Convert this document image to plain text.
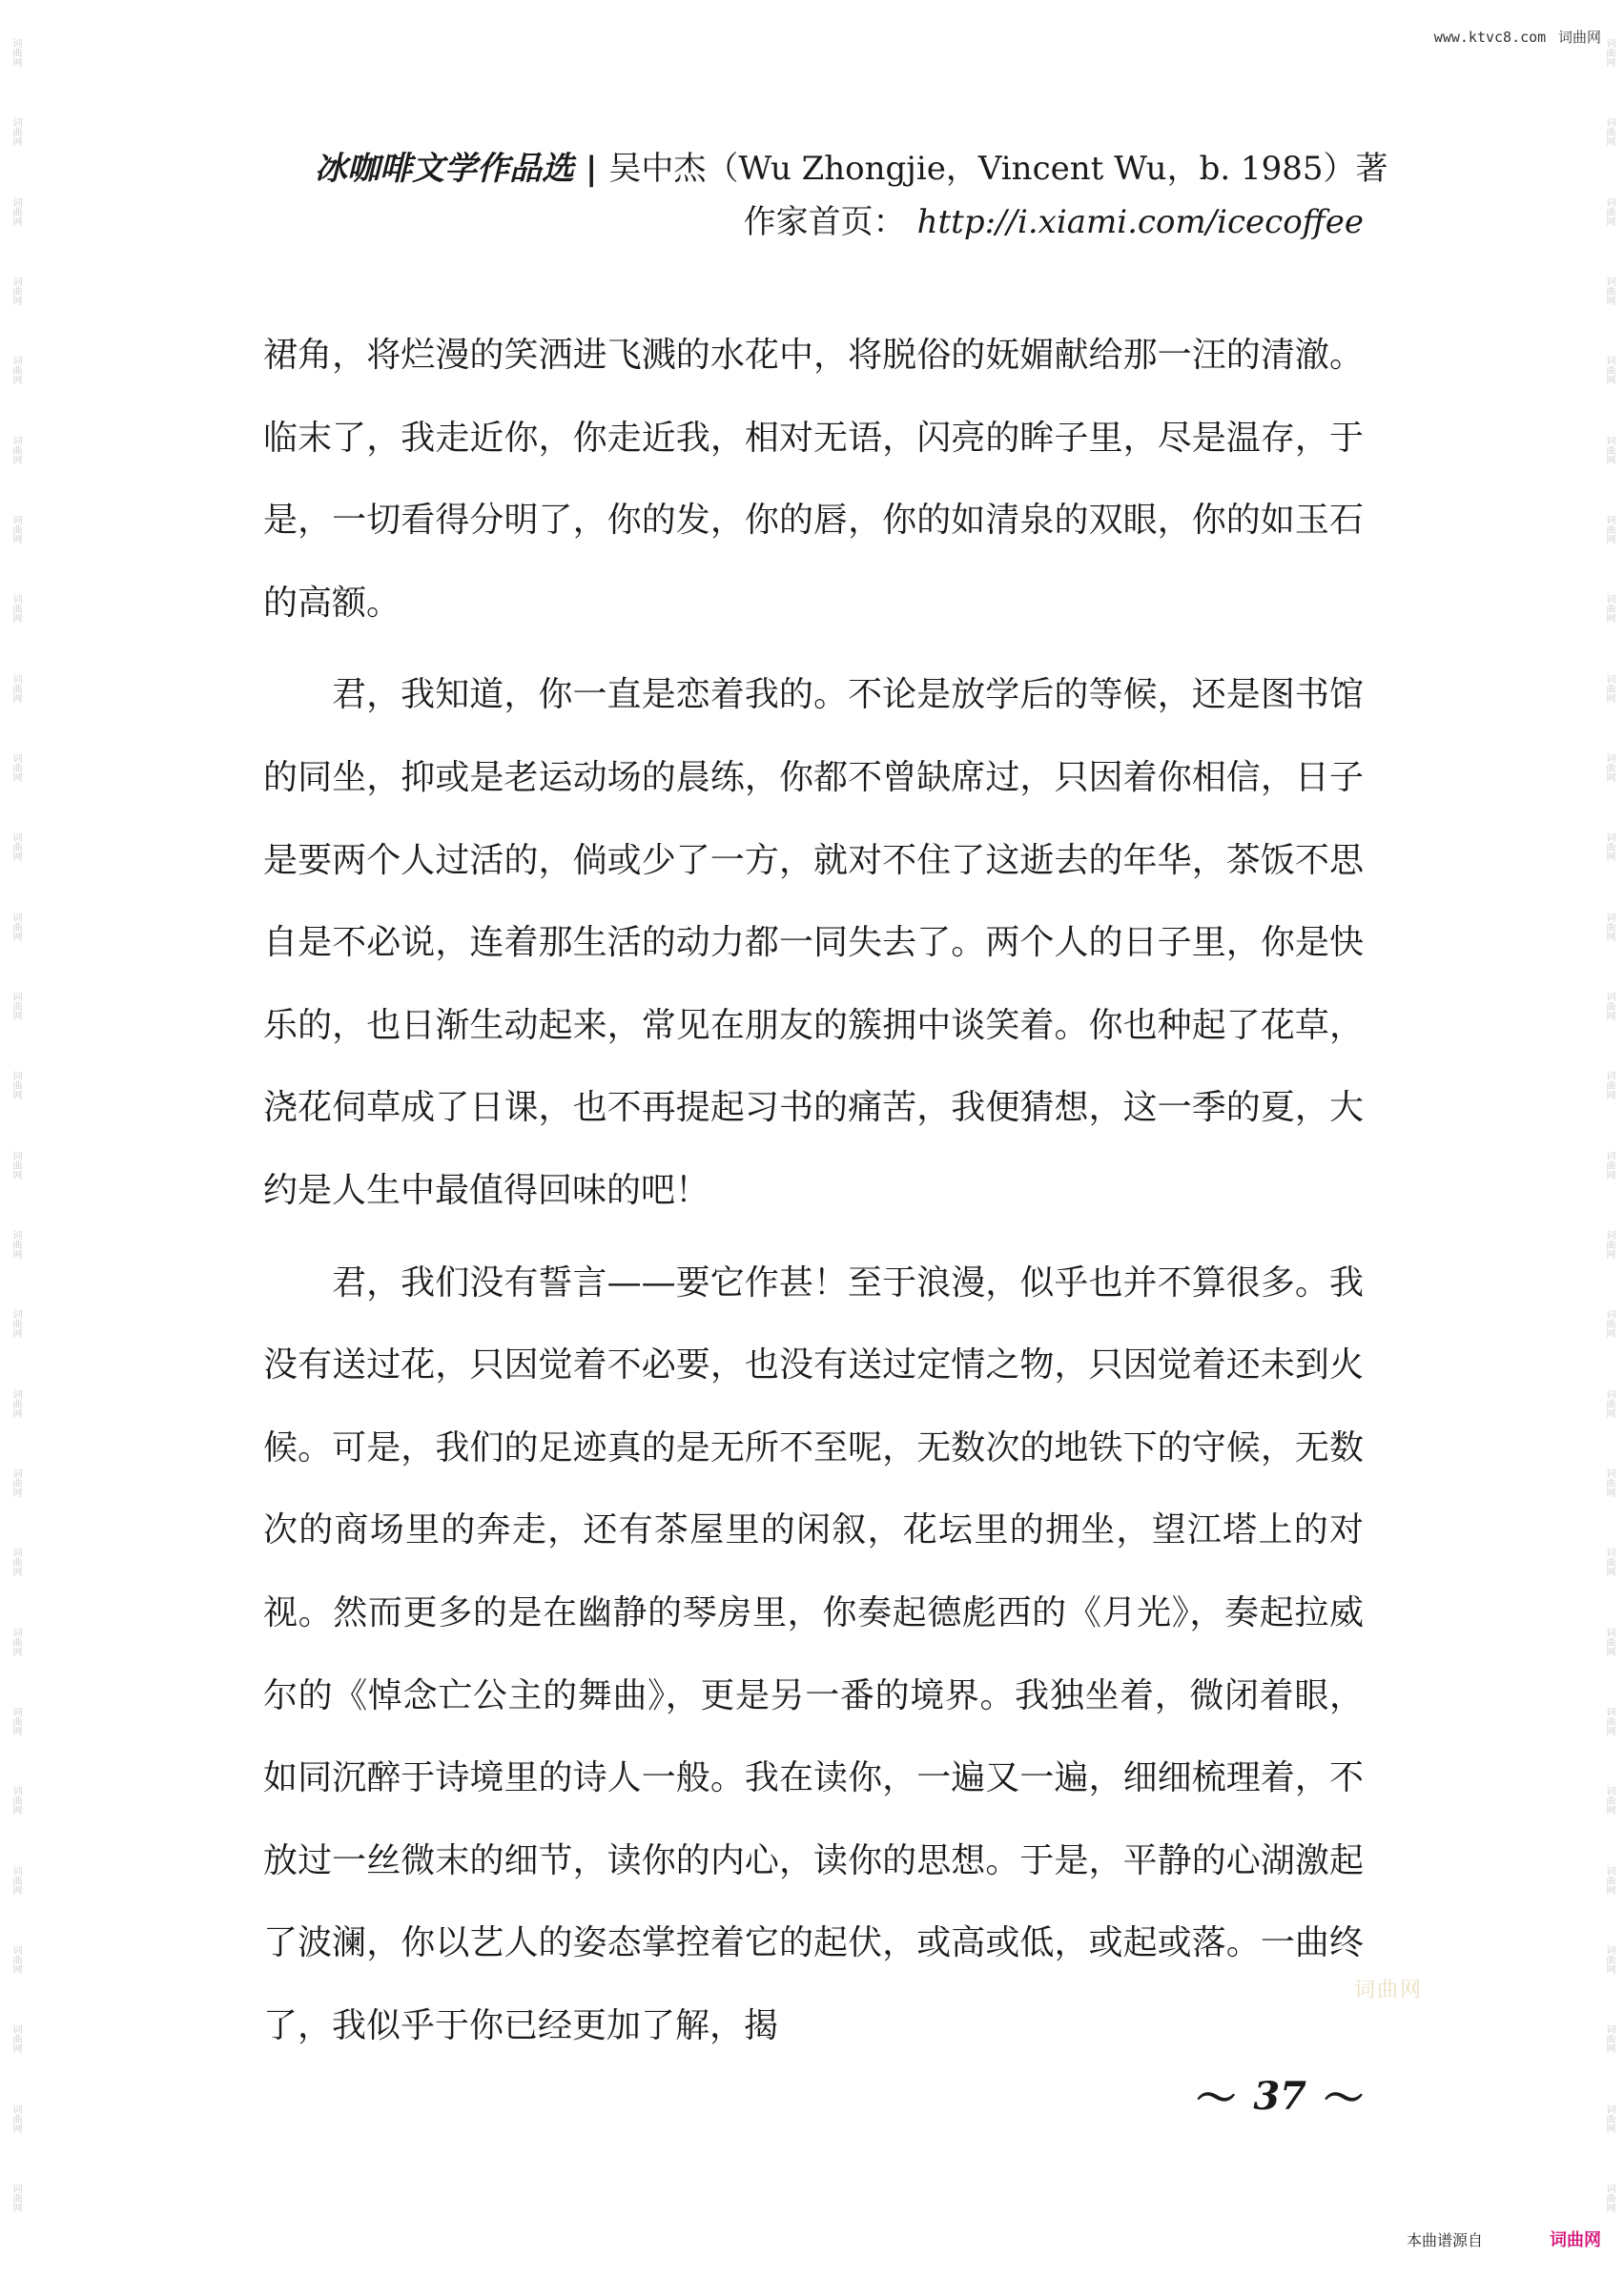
词曲网
词曲网
词曲网
词曲网
词曲网
词曲网
词曲网
词曲网
词曲网
词曲网
词曲网
词曲网
词曲网
词曲网
词曲网
词曲网
词曲网
词曲网
词曲网
词曲网
词曲网
词曲网
词曲网
词曲网
词曲网
词曲网
词曲网
词曲网
词曲网
词曲网
词曲网
词曲网
词曲网
词曲网
词曲网
词曲网
词曲网
词曲网
词曲网
词曲网
词曲网
词曲网
词曲网
词曲网
词曲网
词曲网
词曲网
词曲网
词曲网
词曲网
词曲网
词曲网
词曲网
词曲网
词曲网
词曲网
www.ktvc8.com 词曲网
冰咖啡文学作品选 | 吴中杰（Wu Zhongjie，Vincent Wu，b. 1985）著
作家首页： http://i.xiami.com/icecoffee

裙角，将烂漫的笑洒进飞溅的水花中，将脱俗的妩媚献给那一汪的清澈。临末了，我走近你，你走近我，相对无语，闪亮的眸子里，尽是温存，于是，一切看得分明了，你的发，你的唇，你的如清泉的双眼，你的如玉石的高额。

君，我知道，你一直是恋着我的。不论是放学后的等候，还是图书馆的同坐，抑或是老运动场的晨练，你都不曾缺席过，只因着你相信，日子是要两个人过活的，倘或少了一方，就对不住了这逝去的年华，茶饭不思自是不必说，连着那生活的动力都一同失去了。两个人的日子里，你是快乐的，也日渐生动起来，常见在朋友的簇拥中谈笑着。你也种起了花草，浇花伺草成了日课，也不再提起习书的痛苦，我便猜想，这一季的夏，大约是人生中最值得回味的吧！

君，我们没有誓言——要它作甚！至于浪漫，似乎也并不算很多。我没有送过花，只因觉着不必要，也没有送过定情之物，只因觉着还未到火候。可是，我们的足迹真的是无所不至呢，无数次的地铁下的守候，无数次的商场里的奔走，还有茶屋里的闲叙，花坛里的拥坐，望江塔上的对视。然而更多的是在幽静的琴房里，你奏起德彪西的《月光》，奏起拉威尔的《悼念亡公主的舞曲》，更是另一番的境界。我独坐着，微闭着眼，如同沉醉于诗境里的诗人一般。我在读你，一遍又一遍，细细梳理着，不放过一丝微末的细节，读你的内心，读你的思想。于是，平静的心湖激起了波澜，你以艺人的姿态掌控着它的起伏，或高或低，或起或落。一曲终了，我似乎于你已经更加了解，揭

词曲网
～ 37 ～
本曲谱源自	词曲网
